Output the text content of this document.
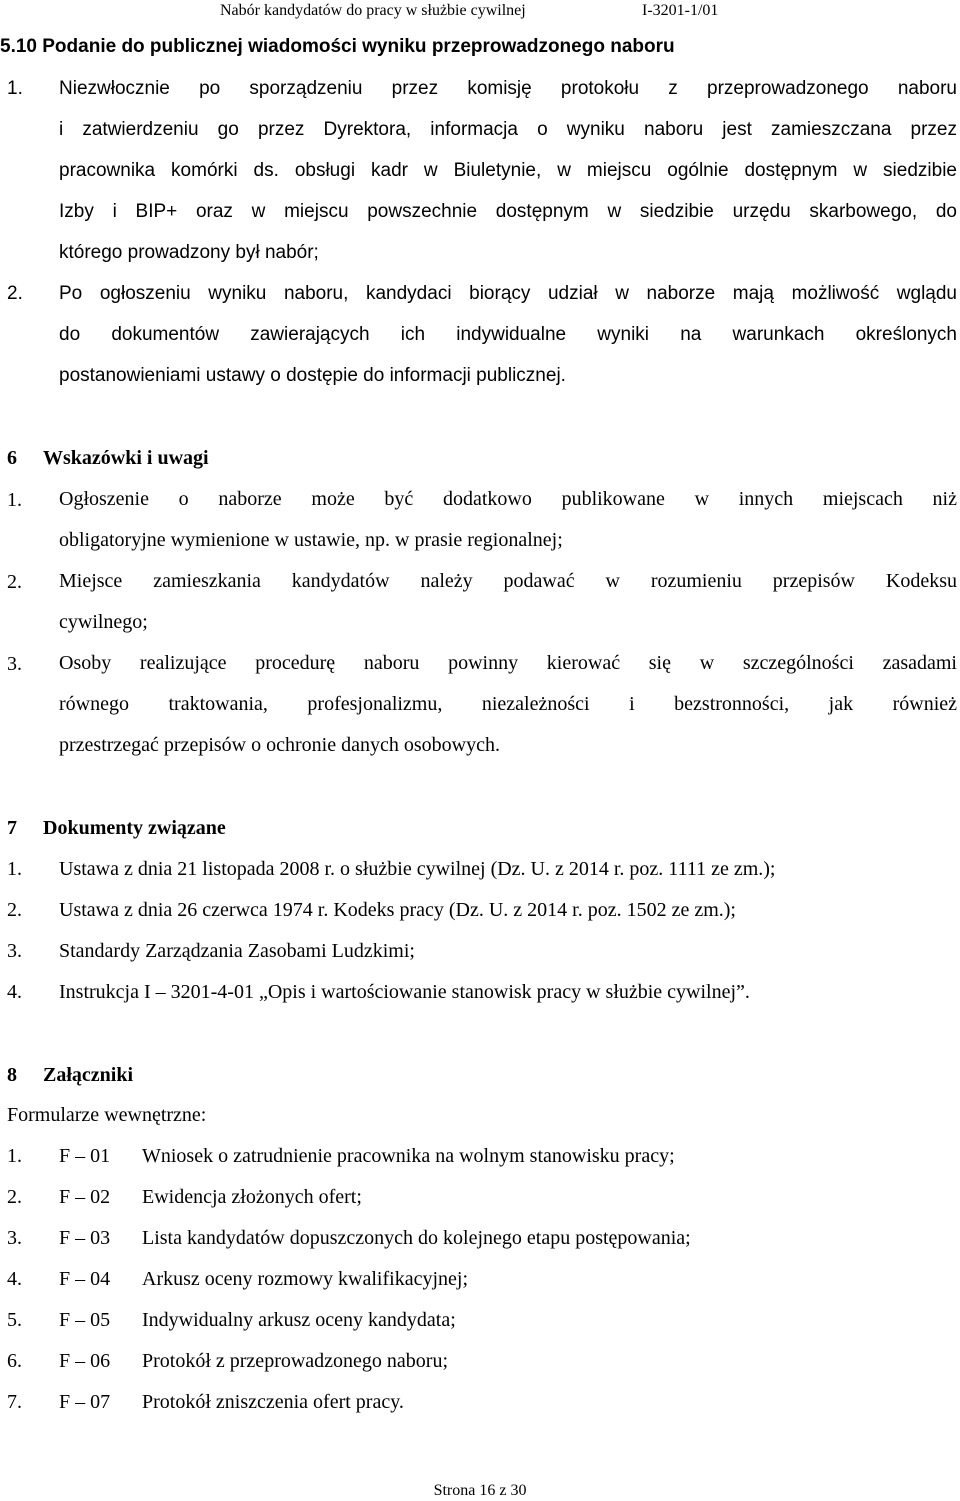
Nabór kandydatów do pracy w służbie cywilnej	I-3201-1/01
5.10 Podanie do publicznej wiadomości wyniku przeprowadzonego naboru
1. Niezwłocznie po sporządzeniu przez komisję protokołu z przeprowadzonego naboru
i zatwierdzeniu go przez Dyrektora, informacja o wyniku naboru jest zamieszczana przez
pracownika komórki ds. obsługi kadr w Biuletynie, w miejscu ogólnie dostępnym w siedzibie
Izby i BIP+ oraz w miejscu powszechnie dostępnym w siedzibie urzędu skarbowego, do
którego prowadzony był nabór;
2. Po ogłoszeniu wyniku naboru, kandydaci biorący udział w naborze mają możliwość wglądu
do dokumentów zawierających ich indywidualne wyniki na warunkach określonych
postanowieniami ustawy o dostępie do informacji publicznej.
6 Wskazówki i uwagi
1. Ogłoszenie o naborze może być dodatkowo publikowane w innych miejscach niż
obligatoryjne wymienione w ustawie, np. w prasie regionalnej;
2. Miejsce zamieszkania kandydatów należy podawać w rozumieniu przepisów Kodeksu
cywilnego;
3. Osoby realizujące procedurę naboru powinny kierować się w szczególności zasadami
równego traktowania, profesjonalizmu, niezależności i bezstronności, jak również
przestrzegać przepisów o ochronie danych osobowych.
7 Dokumenty związane
1. Ustawa z dnia 21 listopada 2008 r. o służbie cywilnej (Dz. U. z 2014 r. poz. 1111 ze zm.);
2. Ustawa z dnia 26 czerwca 1974 r. Kodeks pracy (Dz. U. z 2014 r. poz. 1502 ze zm.);
3. Standardy Zarządzania Zasobami Ludzkimi;
4. Instrukcja I – 3201-4-01 „Opis i wartościowanie stanowisk pracy w służbie cywilnej”.
8 Załączniki
Formularze wewnętrzne:
1. F – 01 Wniosek o zatrudnienie pracownika na wolnym stanowisku pracy;
2. F – 02 Ewidencja złożonych ofert;
3. F – 03 Lista kandydatów dopuszczonych do kolejnego etapu postępowania;
4. F – 04 Arkusz oceny rozmowy kwalifikacyjnej;
5. F – 05 Indywidualny arkusz oceny kandydata;
6. F – 06 Protokół z przeprowadzonego naboru;
7. F – 07 Protokół zniszczenia ofert pracy.
Strona 16 z 30
